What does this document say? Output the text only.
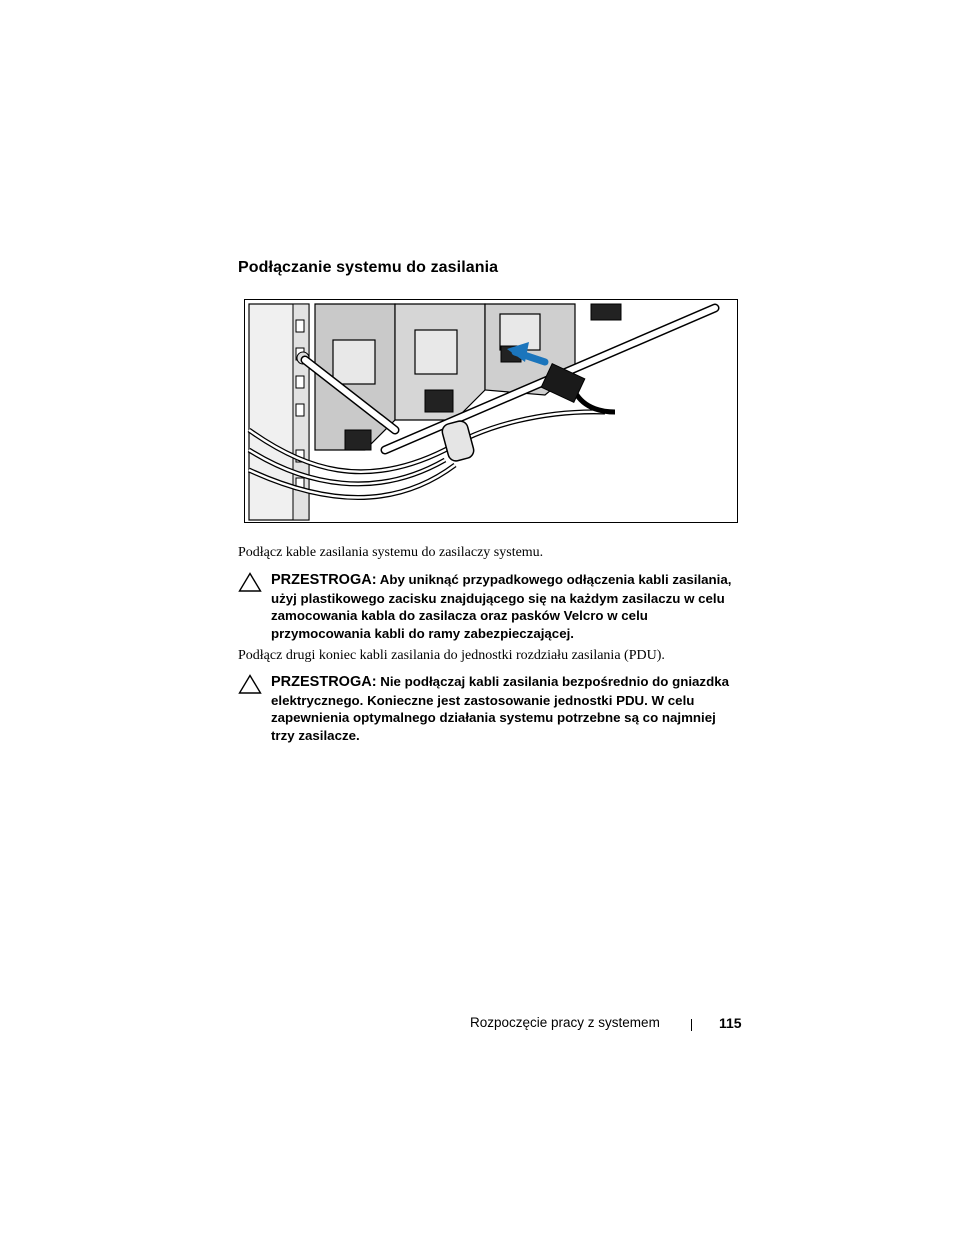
Podłączanie systemu do zasilania
Podłącz kable zasilania systemu do zasilaczy systemu.
PRZESTROGA: Aby uniknąć przypadkowego odłączenia kabli zasilania, użyj plastikowego zacisku znajdującego się na każdym zasilaczu w celu zamocowania kabla do zasilacza oraz pasków Velcro w celu przymocowania kabli do ramy zabezpieczającej.
Podłącz drugi koniec kabli zasilania do jednostki rozdziału zasilania (PDU).
PRZESTROGA: Nie podłączaj kabli zasilania bezpośrednio do gniazdka elektrycznego. Konieczne jest zastosowanie jednostki PDU. W celu zapewnienia optymalnego działania systemu potrzebne są co najmniej trzy zasilacze.
Rozpoczęcie pracy z systemem	115
